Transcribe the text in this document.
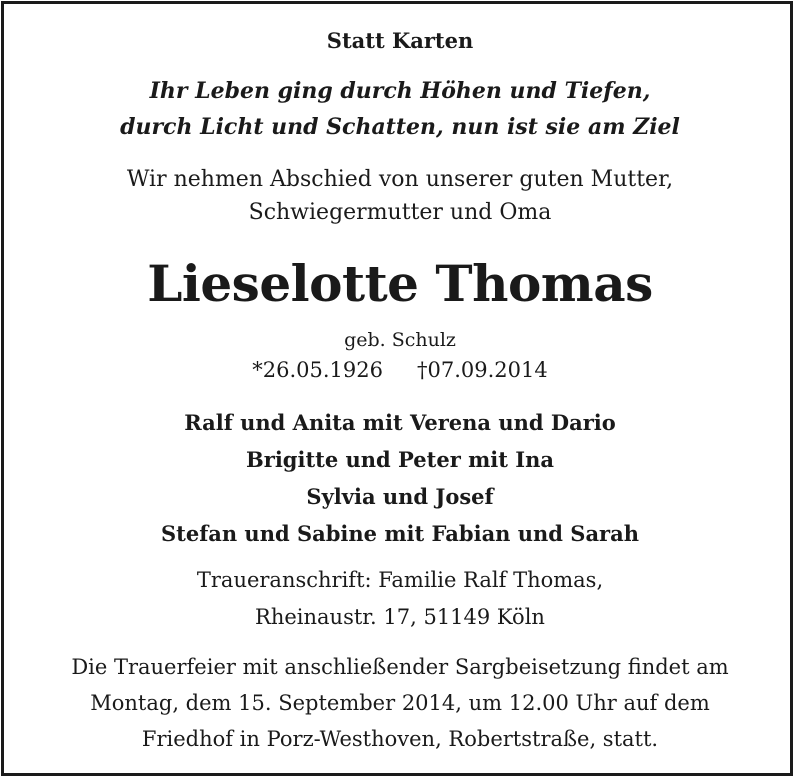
Statt Karten
Ihr Leben ging durch Höhen und Tiefen,
durch Licht und Schatten, nun ist sie am Ziel
Wir nehmen Abschied von unserer guten Mutter,
Schwiegermutter und Oma
Lieselotte Thomas
geb. Schulz
*26.05.1926 †07.09.2014
Ralf und Anita mit Verena und Dario
Brigitte und Peter mit Ina
Sylvia und Josef
Stefan und Sabine mit Fabian und Sarah
Traueranschrift: Familie Ralf Thomas,
Rheinaustr. 17, 51149 Köln
Die Trauerfeier mit anschließender Sargbeisetzung findet am
Montag, dem 15. September 2014, um 12.00 Uhr auf dem
Friedhof in Porz-Westhoven, Robertstraße, statt.
